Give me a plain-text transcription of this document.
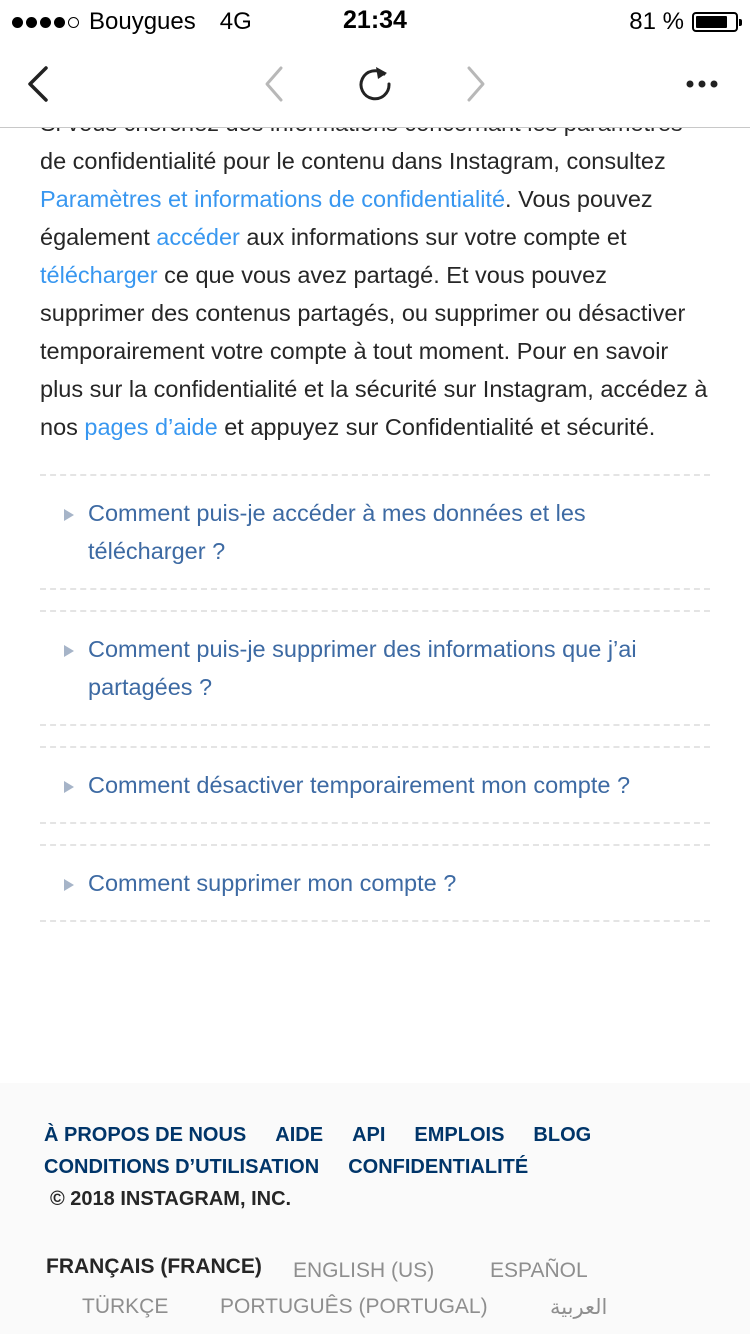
Bouygues 4G	21:34	81 %

de confidentialité pour le contenu dans Instagram, consultez Paramètres et informations de confidentialité. Vous pouvez également accéder aux informations sur votre compte et télécharger ce que vous avez partagé. Et vous pouvez supprimer des contenus partagés, ou supprimer ou désactiver temporairement votre compte à tout moment. Pour en savoir plus sur la confidentialité et la sécurité sur Instagram, accédez à nos pages d’aide et appuyez sur Confidentialité et sécurité.

Comment puis-je accéder à mes données et les télécharger ?
Comment puis-je supprimer des informations que j’ai partagées ?
Comment désactiver temporairement mon compte ?
Comment supprimer mon compte ?
À PROPOS DE NOUS AIDE API EMPLOIS BLOG
CONDITIONS D’UTILISATION CONFIDENTIALITÉ
© 2018 INSTAGRAM, INC.
FRANÇAIS (FRANCE) ENGLISH (US)	ESPAÑOL
TÜRKÇE PORTUGUÊS (PORTUGAL)	العربية
